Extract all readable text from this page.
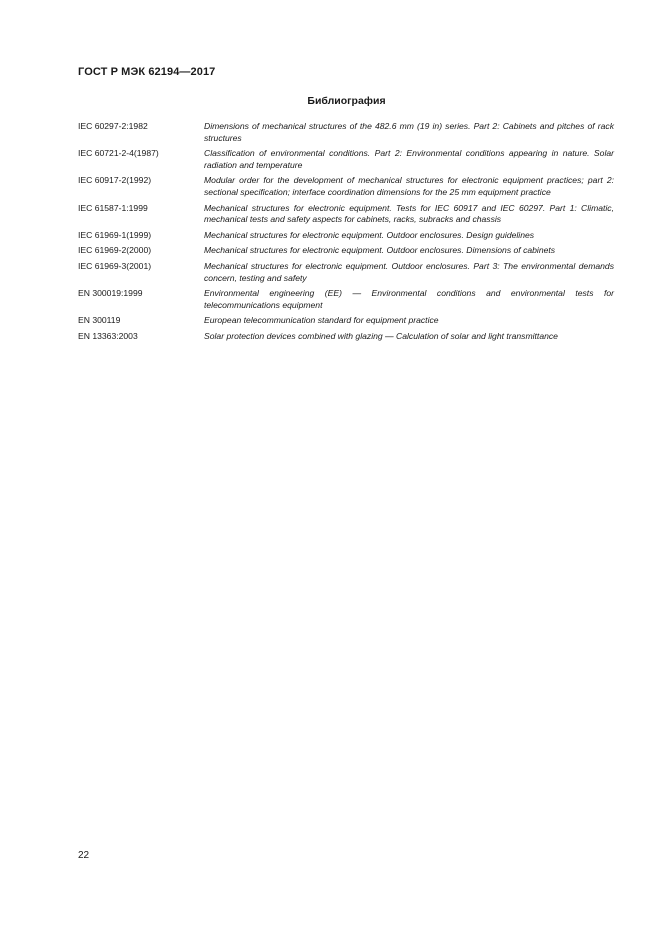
ГОСТ Р МЭК 62194—2017
Библиография
IEC 60297-2:1982	Dimensions of mechanical structures of the 482.6 mm (19 in) series. Part 2: Cabinets and pitches of rack structures
IEC 60721-2-4(1987)	Classification of environmental conditions. Part 2: Environmental conditions appearing in nature. Solar radiation and temperature
IEC 60917-2(1992)	Modular order for the development of mechanical structures for electronic equipment practices; part 2: sectional specification; interface coordination dimensions for the 25 mm equipment practice
IEC 61587-1:1999	Mechanical structures for electronic equipment. Tests for IEC 60917 and IEC 60297. Part 1: Climatic, mechanical tests and safety aspects for cabinets, racks, subracks and chassis
IEC 61969-1(1999)	Mechanical structures for electronic equipment. Outdoor enclosures. Design guidelines
IEC 61969-2(2000)	Mechanical structures for electronic equipment. Outdoor enclosures. Dimensions of cabinets
IEC 61969-3(2001)	Mechanical structures for electronic equipment. Outdoor enclosures. Part 3: The environmental demands concern, testing and safety
EN 300019:1999	Environmental engineering (EE) — Environmental conditions and environmental tests for telecommunications equipment
EN 300119	European telecommunication standard for equipment practice
EN 13363:2003	Solar protection devices combined with glazing — Calculation of solar and light transmittance
22
